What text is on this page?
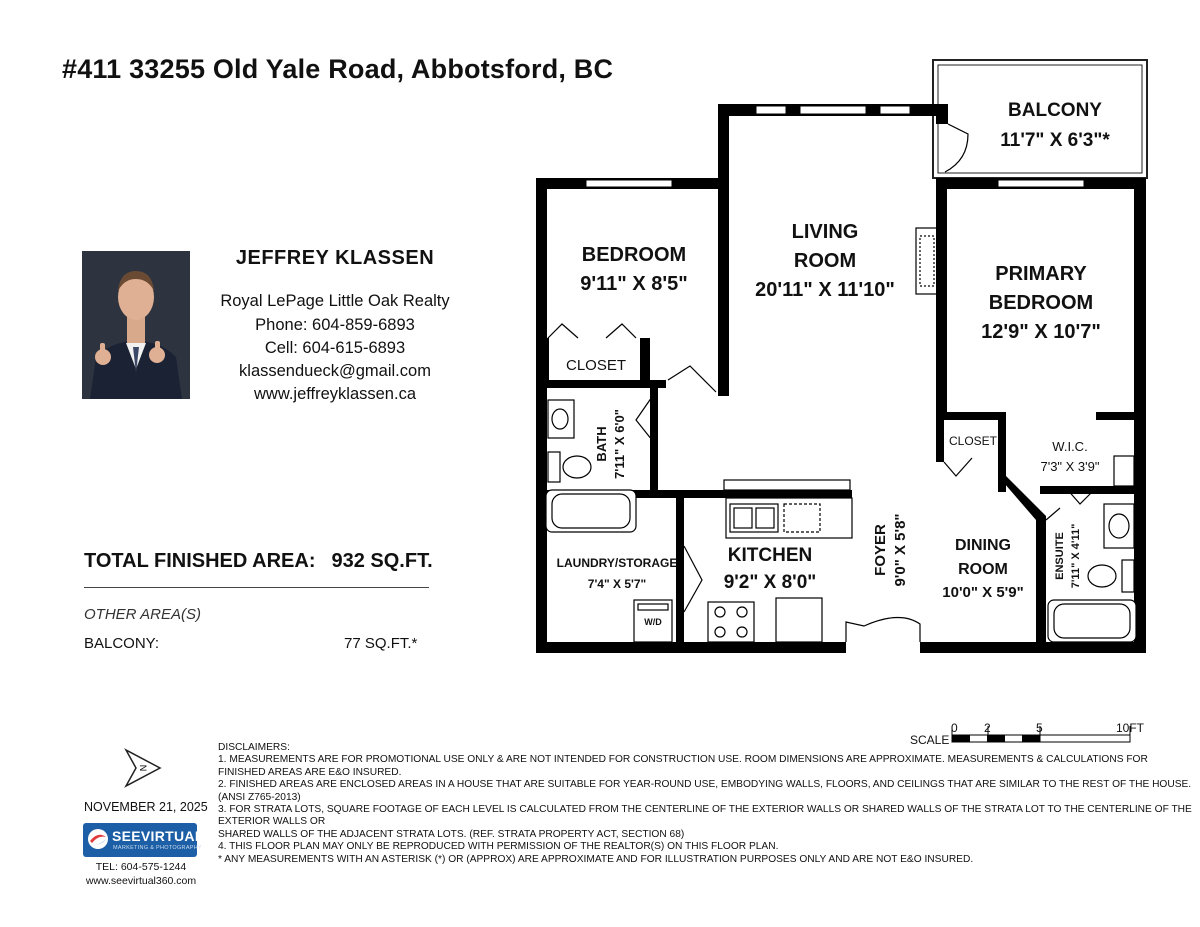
#411 33255 Old Yale Road, Abbotsford, BC
JEFFREY KLASSEN
Royal LePage Little Oak Realty
Phone: 604-859-6893
Cell: 604-615-6893
klassendueck@gmail.com
www.jeffreyklassen.ca
TOTAL FINISHED AREA: 932 SQ.FT.
OTHER AREA(S)
BALCONY:	77 SQ.FT.*
BALCONY
11'7" X 6'3"*
LIVING
ROOM
20'11" X 11'10"
BEDROOM
9'11" X 8'5"	PRIMARY
BEDROOM
12'9" X 10'7"
CLOSET
CLOSET
BATH 7'11" X 6'0"	W.I.C.
7'3" X 3'9"
LAUNDRY/STORAGE
7'4" X 5'7"
W/D
KITCHEN
9'2" X 8'0"
FOYER 9'0" X 5'8"	DINING
ROOM
10'0" X 5'9"
ENSUITE 7'11" X 4'11"
SCALE
0 2	5	10FT
N
NOVEMBER 21, 2025
SEEVIRTUAL
MARKETING & PHOTOGRAPHY
TEL: 604-575-1244
www.seevirtual360.com
DISCLAIMERS:
1. MEASUREMENTS ARE FOR PROMOTIONAL USE ONLY & ARE NOT INTENDED FOR CONSTRUCTION USE. ROOM DIMENSIONS ARE APPROXIMATE. MEASUREMENTS & CALCULATIONS FOR
FINISHED AREAS ARE E&O INSURED.
2. FINISHED AREAS ARE ENCLOSED AREAS IN A HOUSE THAT ARE SUITABLE FOR YEAR-ROUND USE, EMBODYING WALLS, FLOORS, AND CEILINGS THAT ARE SIMILAR TO THE REST OF THE HOUSE.
(ANSI Z765-2013)
3. FOR STRATA LOTS, SQUARE FOOTAGE OF EACH LEVEL IS CALCULATED FROM THE CENTERLINE OF THE EXTERIOR WALLS OR SHARED WALLS OF THE STRATA LOT TO THE CENTERLINE OF THE
EXTERIOR WALLS OR
SHARED WALLS OF THE ADJACENT STRATA LOTS. (REF. STRATA PROPERTY ACT, SECTION 68)
4. THIS FLOOR PLAN MAY ONLY BE REPRODUCED WITH PERMISSION OF THE REALTOR(S) ON THIS FLOOR PLAN.
* ANY MEASUREMENTS WITH AN ASTERISK (*) OR (APPROX) ARE APPROXIMATE AND FOR ILLUSTRATION PURPOSES ONLY AND ARE NOT E&O INSURED.
